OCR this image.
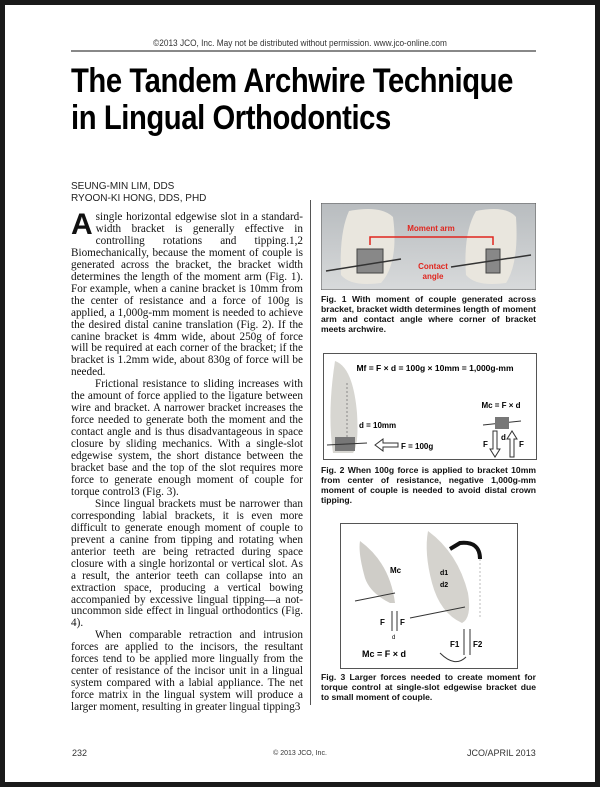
©2013 JCO, Inc. May not be distributed without permission. www.jco-online.com
The Tandem Archwire Technique
in Lingual Orthodontics
SEUNG-MIN LIM, DDS
RYOON-KI HONG, DDS, PHD

A single horizontal edgewise slot in a standard-width bracket is generally effective in controlling rotations and tipping.1,2 Biomechanically, because the moment of couple is generated across the bracket, the bracket width determines the length of the moment arm (Fig. 1). For example, when a canine bracket is 10mm from the center of resistance and a force of 100g is applied, a 1,000g-mm moment is needed to achieve the desired distal canine translation (Fig. 2). If the canine bracket is 4mm wide, about 250g of force will be required at each corner of the bracket; if the bracket is 1.2mm wide, about 830g of force will be needed.

Frictional resistance to sliding increases with the amount of force applied to the ligature between wire and bracket. A narrower bracket increases the force needed to generate both the moment and the contact angle and is thus disadvantageous in space closure by sliding mechanics. With a single-slot edgewise system, the short distance between the bracket base and the top of the slot requires more force to generate enough moment of couple for torque control3 (Fig. 3).

Since lingual brackets must be narrower than corresponding labial brackets, it is even more difficult to generate enough moment of couple to prevent a canine from tipping and rotating when anterior teeth are being retracted during space closure with a single horizontal or vertical slot. As a result, the anterior teeth can collapse into an extraction space, producing a vertical bowing accompanied by excessive lingual tipping—a not-uncommon side effect in lingual orthodontics (Fig. 4).

When comparable retraction and intrusion forces are applied to the incisors, the resultant forces tend to be applied more lingually from the center of resistance of the incisor unit in a lingual system compared with a labial appliance. The net force matrix in the lingual system will produce a larger moment, resulting in greater lingual tipping3

Moment arm
Contact
angle
Fig. 1 With moment of couple generated across bracket, bracket width determines length of moment arm and contact angle where corner of bracket meets archwire.
Mf = F × d = 100g × 10mm = 1,000g-mm
Mc = F × d
d = 10mm
F = 100g	F
d
F
Fig. 2 When 100g force is applied to bracket 10mm from center of resistance, negative 1,000g-mm moment of couple is needed to avoid distal crown tipping.
Mc
F F
d
Mc = F × d
d1
d2
F1 F2
Fig. 3 Larger forces needed to create moment for torque control at single-slot edgewise bracket due to small moment of couple.
232	© 2013 JCO, Inc.	JCO/APRIL 2013
